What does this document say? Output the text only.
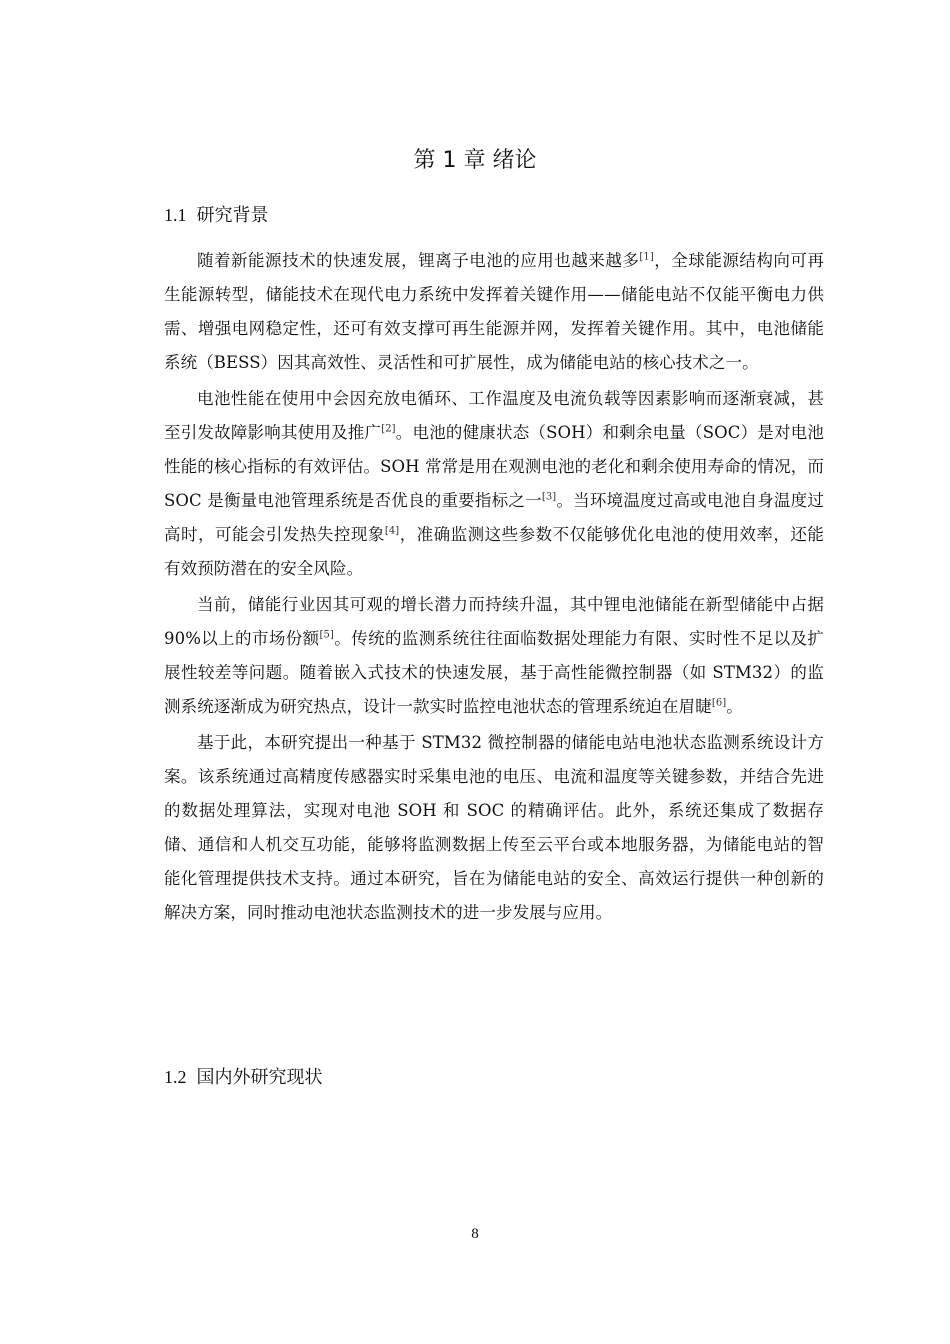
第 1 章 绪论
1.1 研究背景

随着新能源技术的快速发展，锂离子电池的应用也越来越多[1]，全球能源结构向可再生能源转型，储能技术在现代电力系统中发挥着关键作用——储能电站不仅能平衡电力供需、增强电网稳定性，还可有效支撑可再生能源并网，发挥着关键作用。其中，电池储能系统（BESS）因其高效性、灵活性和可扩展性，成为储能电站的核心技术之一。

电池性能在使用中会因充放电循环、工作温度及电流负载等因素影响而逐渐衰减，甚至引发故障影响其使用及推广[2]。电池的健康状态（SOH）和剩余电量（SOC）是对电池性能的核心指标的有效评估。SOH 常常是用在观测电池的老化和剩余使用寿命的情况，而 SOC 是衡量电池管理系统是否优良的重要指标之一[3]。当环境温度过高或电池自身温度过高时，可能会引发热失控现象[4]，准确监测这些参数不仅能够优化电池的使用效率，还能有效预防潜在的安全风险。

当前，储能行业因其可观的增长潜力而持续升温，其中锂电池储能在新型储能中占据 90%以上的市场份额[5]。传统的监测系统往往面临数据处理能力有限、实时性不足以及扩展性较差等问题。随着嵌入式技术的快速发展，基于高性能微控制器（如 STM32）的监测系统逐渐成为研究热点，设计一款实时监控电池状态的管理系统迫在眉睫[6]。

基于此，本研究提出一种基于 STM32 微控制器的储能电站电池状态监测系统设计方案。该系统通过高精度传感器实时采集电池的电压、电流和温度等关键参数，并结合先进的数据处理算法，实现对电池 SOH 和 SOC 的精确评估。此外，系统还集成了数据存储、通信和人机交互功能，能够将监测数据上传至云平台或本地服务器，为储能电站的智能化管理提供技术支持。通过本研究，旨在为储能电站的安全、高效运行提供一种创新的解决方案，同时推动电池状态监测技术的进一步发展与应用。

1.2 国内外研究现状
8
